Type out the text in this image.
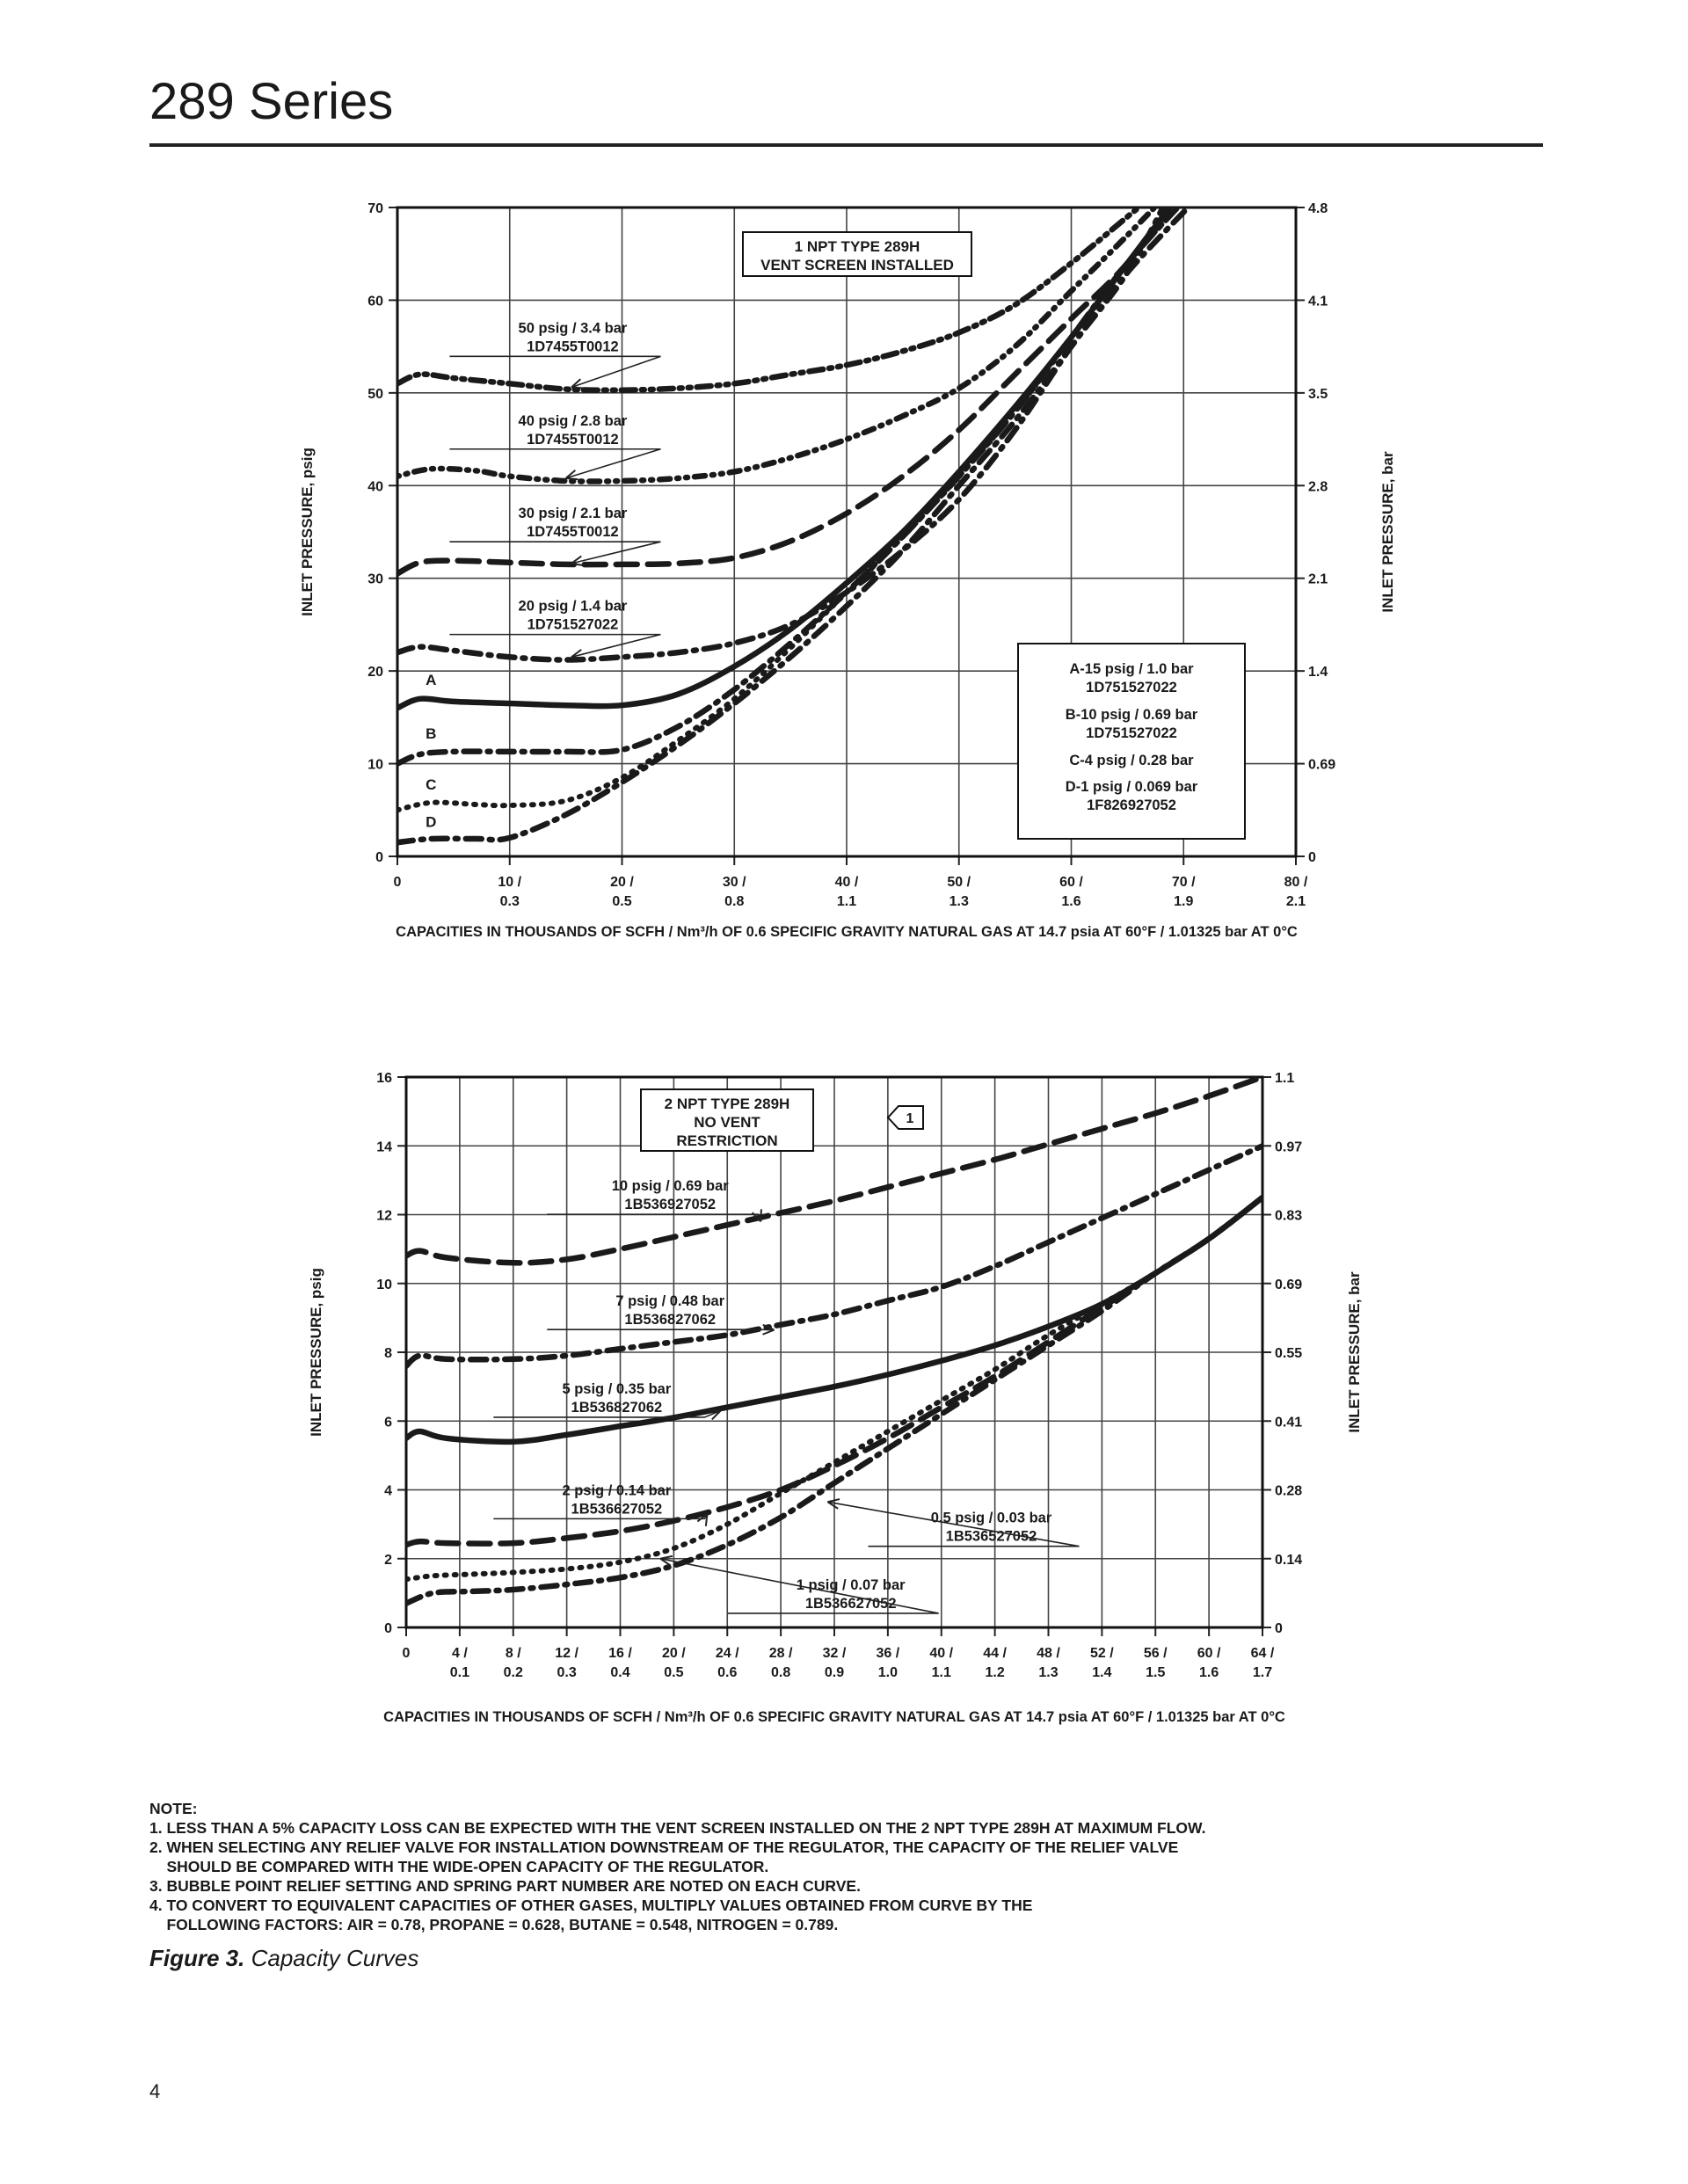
289 Series
0
10
20
30
40
50
60
70
0
0.69
1.4
2.1
2.8
3.5
4.1
4.8
0	10 / 0.3
20 / 0.5
30 / 0.8
40 / 1.1
50 / 1.3
60 / 1.6
70 / 1.9
80 / 2.1
50 psig / 3.4 bar 1D7455T0012
40 psig / 2.8 bar 1D7455T0012
30 psig / 2.1 bar 1D7455T0012
20 psig / 1.4 bar 1D751527022
A
B
C
D
INLET PRESSURE, psig	INLET PRESSURE, bar
CAPACITIES IN THOUSANDS OF SCFH / Nm³/h OF 0.6 SPECIFIC GRAVITY NATURAL GAS AT 14.7 psia AT 60°F / 1.01325 bar AT 0°C
1 NPT TYPE 289H VENT SCREEN INSTALLED
A-15 psig / 1.0 bar
1D751527022
B-10 psig / 0.69 bar
1D751527022
C-4 psig / 0.28 bar
D-1 psig / 0.069 bar
1F826927052
0
2
4
6
8
10
12
14
16
0
0.14
0.28
0.41
0.55
0.69
0.83
0.97
1.1
0	4 / 0.1
8 / 0.2
12 / 0.3
16 / 0.4
20 / 0.5
24 / 0.6
28 / 0.8
32 / 0.9
36 / 1.0
40 / 1.1
44 / 1.2
48 / 1.3
52 / 1.4
56 / 1.5
60 / 1.6
64 / 1.7
10 psig / 0.69 bar 1B536927052
7 psig / 0.48 bar 1B536827062
5 psig / 0.35 bar 1B536827062
2 psig / 0.14 bar 1B536627052
0.5 psig / 0.03 bar 1B536527052
1 psig / 0.07 bar 1B536627052
INLET PRESSURE, psig	INLET PRESSURE, bar
CAPACITIES IN THOUSANDS OF SCFH / Nm³/h OF 0.6 SPECIFIC GRAVITY NATURAL GAS AT 14.7 psia AT 60°F / 1.01325 bar AT 0°C
2 NPT TYPE 289H NO VENT RESTRICTION
1
NOTE:
1. LESS THAN A 5% CAPACITY LOSS CAN BE EXPECTED WITH THE VENT SCREEN INSTALLED ON THE 2 NPT TYPE 289H AT MAXIMUM FLOW.
2. WHEN SELECTING ANY RELIEF VALVE FOR INSTALLATION DOWNSTREAM OF THE REGULATOR, THE CAPACITY OF THE RELIEF VALVE
SHOULD BE COMPARED WITH THE WIDE-OPEN CAPACITY OF THE REGULATOR.
3. BUBBLE POINT RELIEF SETTING AND SPRING PART NUMBER ARE NOTED ON EACH CURVE.
4. TO CONVERT TO EQUIVALENT CAPACITIES OF OTHER GASES, MULTIPLY VALUES OBTAINED FROM CURVE BY THE
FOLLOWING FACTORS: AIR = 0.78, PROPANE = 0.628, BUTANE = 0.548, NITROGEN = 0.789.
Figure 3. Capacity Curves
4
